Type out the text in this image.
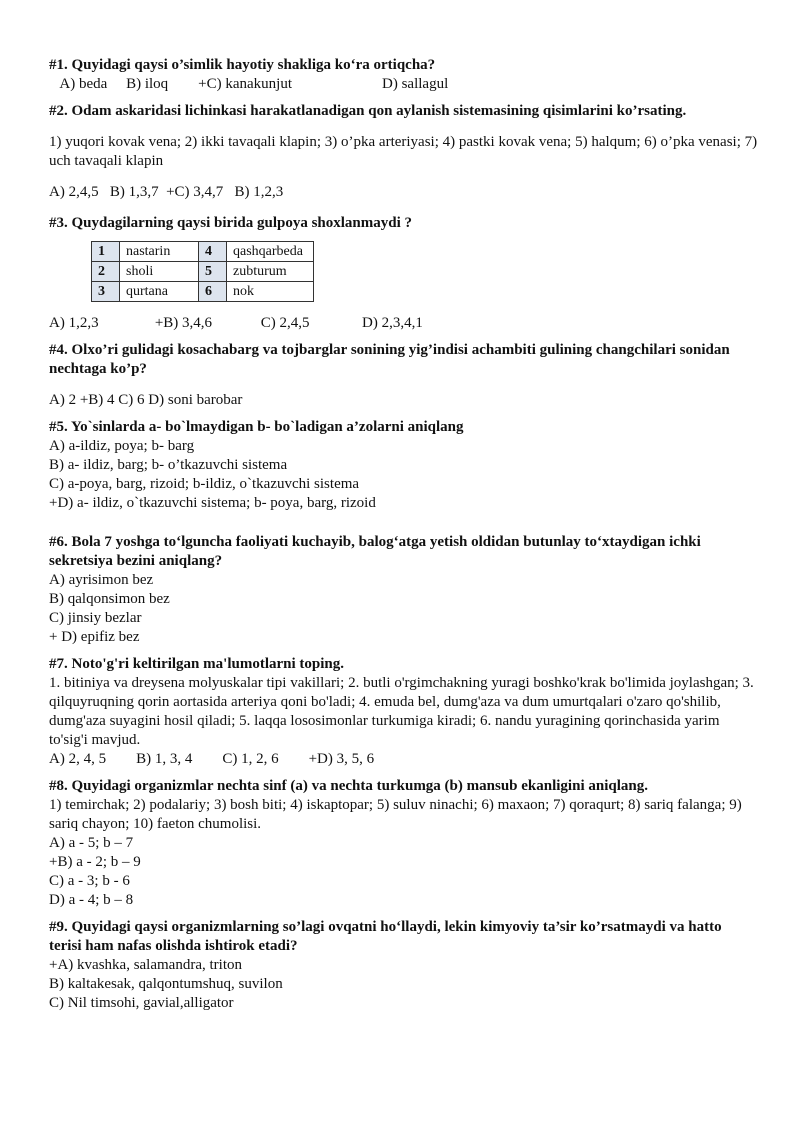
#1. Quyidagi qaysi o’simlik hayotiy shakliga ko‘ra ortiqcha?

A) beda     B) iloq        +C) kanakunjut                        D) sallagul

#2. Odam askaridasi lichinkasi harakatlanadigan qon aylanish sistemasining qisimlarini ko’rsating.

1) yuqori kovak vena; 2) ikki tavaqali klapin; 3) o’pka arteriyasi; 4) pastki kovak vena; 5) halqum; 6) o’pka venasi; 7) uch tavaqali klapin

A) 2,4,5   B) 1,3,7  +C) 3,4,7   B) 1,2,3

#3. Quydagilarning qaysi birida gulpoya shoxlanmaydi ?

1	nastarin	4	qashqarbeda
2	sholi	5	zubturum
3	qurtana	6	nok

A) 1,2,3               +B) 3,4,6             C) 2,4,5              D) 2,3,4,1

#4. Olxo’ri gulidagi kosachabarg va tojbarglar sonining yig’indisi achambiti gulining changchilari sonidan nechtaga ko’p?

A) 2 +B) 4 C) 6 D) soni barobar

#5. Yo`sinlarda a- bo`lmaydigan b- bo`ladigan a’zolarni aniqlang

A) a-ildiz, poya; b- barg

B) a- ildiz, barg; b- o’tkazuvchi sistema

C) a-poya, barg, rizoid; b-ildiz, o`tkazuvchi sistema

+D) a- ildiz, o`tkazuvchi sistema; b- poya, barg, rizoid

#6. Bola 7 yoshga to‘lguncha faoliyati kuchayib, balog‘atga yetish oldidan butunlay to‘xtaydigan ichki sekretsiya bezini aniqlang?

A) ayrisimon bez

B) qalqonsimon bez

C) jinsiy bezlar

+ D) epifiz bez

#7. Noto'g'ri keltirilgan ma'lumotlarni toping.

1. bitiniya va dreysena molyuskalar tipi vakillari; 2. butli o'rgimchakning yuragi boshko'krak bo'limida joylashgan; 3. qilquyruqning qorin aortasida arteriya qoni bo'ladi; 4. emuda bel, dumg'aza va dum umurtqalari o'zaro qo'shilib, dumg'aza suyagini hosil qiladi; 5. laqqa lososimonlar turkumiga kiradi; 6. nandu yuragining qorinchasida yarim to'sig'i mavjud.

A) 2, 4, 5        B) 1, 3, 4        C) 1, 2, 6        +D) 3, 5, 6

#8. Quyidagi organizmlar nechta sinf (a) va nechta turkumga (b) mansub ekanligini aniqlang.

1) temirchak; 2) podalariy; 3) bosh biti; 4) iskaptopar; 5) suluv ninachi; 6) maxaon; 7) qoraqurt; 8) sariq falanga; 9) sariq chayon; 10) faeton chumolisi.

A) a - 5; b – 7

+B) a - 2; b – 9

C) a - 3; b - 6

D) a - 4; b – 8

#9. Quyidagi qaysi organizmlarning so’lagi ovqatni ho‘llaydi, lekin kimyoviy ta’sir ko’rsatmaydi va hatto terisi ham nafas olishda ishtirok etadi?

+A) kvashka, salamandra, triton

B) kaltakesak, qalqontumshuq, suvilon

C) Nil timsohi, gavial,alligator
